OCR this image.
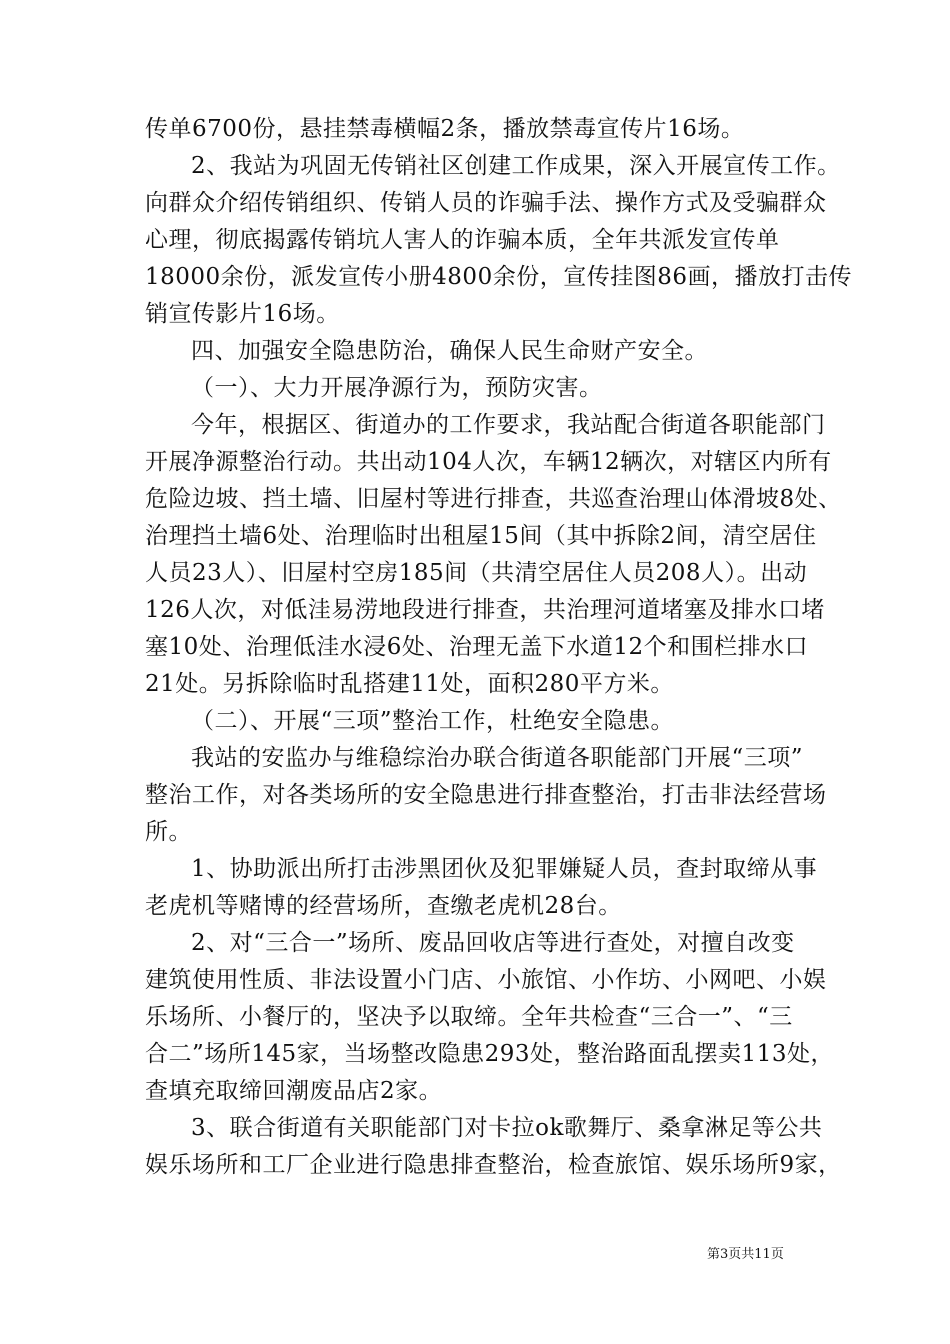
传单6700份，悬挂禁毒横幅2条，播放禁毒宣传片16场。
2、我站为巩固无传销社区创建工作成果，深入开展宣传工作。
向群众介绍传销组织、传销人员的诈骗手法、操作方式及受骗群众
心理，彻底揭露传销坑人害人的诈骗本质，全年共派发宣传单
18000余份，派发宣传小册4800余份，宣传挂图86画，播放打击传
销宣传影片16场。
四、加强安全隐患防治，确保人民生命财产安全。
（一）、大力开展净源行为，预防灾害。
今年，根据区、街道办的工作要求，我站配合街道各职能部门
开展净源整治行动。共出动104人次，车辆12辆次，对辖区内所有
危险边坡、挡土墙、旧屋村等进行排查，共巡查治理山体滑坡8处、
治理挡土墙6处、治理临时出租屋15间（其中拆除2间，清空居住
人员23人）、旧屋村空房185间（共清空居住人员208人）。出动
126人次，对低洼易涝地段进行排查，共治理河道堵塞及排水口堵
塞10处、治理低洼水浸6处、治理无盖下水道12个和围栏排水口
21处。另拆除临时乱搭建11处，面积280平方米。
（二）、开展“三项”整治工作，杜绝安全隐患。
我站的安监办与维稳综治办联合街道各职能部门开展“三项”
整治工作，对各类场所的安全隐患进行排查整治，打击非法经营场
所。
1、协助派出所打击涉黑团伙及犯罪嫌疑人员，查封取缔从事
老虎机等赌博的经营场所，查缴老虎机28台。
2、对“三合一”场所、废品回收店等进行查处，对擅自改变
建筑使用性质、非法设置小门店、小旅馆、小作坊、小网吧、小娱
乐场所、小餐厅的，坚决予以取缔。全年共检查“三合一”、“三
合二”场所145家，当场整改隐患293处，整治路面乱摆卖113处，
查填充取缔回潮废品店2家。
3、联合街道有关职能部门对卡拉ok歌舞厅、桑拿淋足等公共
娱乐场所和工厂企业进行隐患排查整治，检查旅馆、娱乐场所9家，
第3页共11页
